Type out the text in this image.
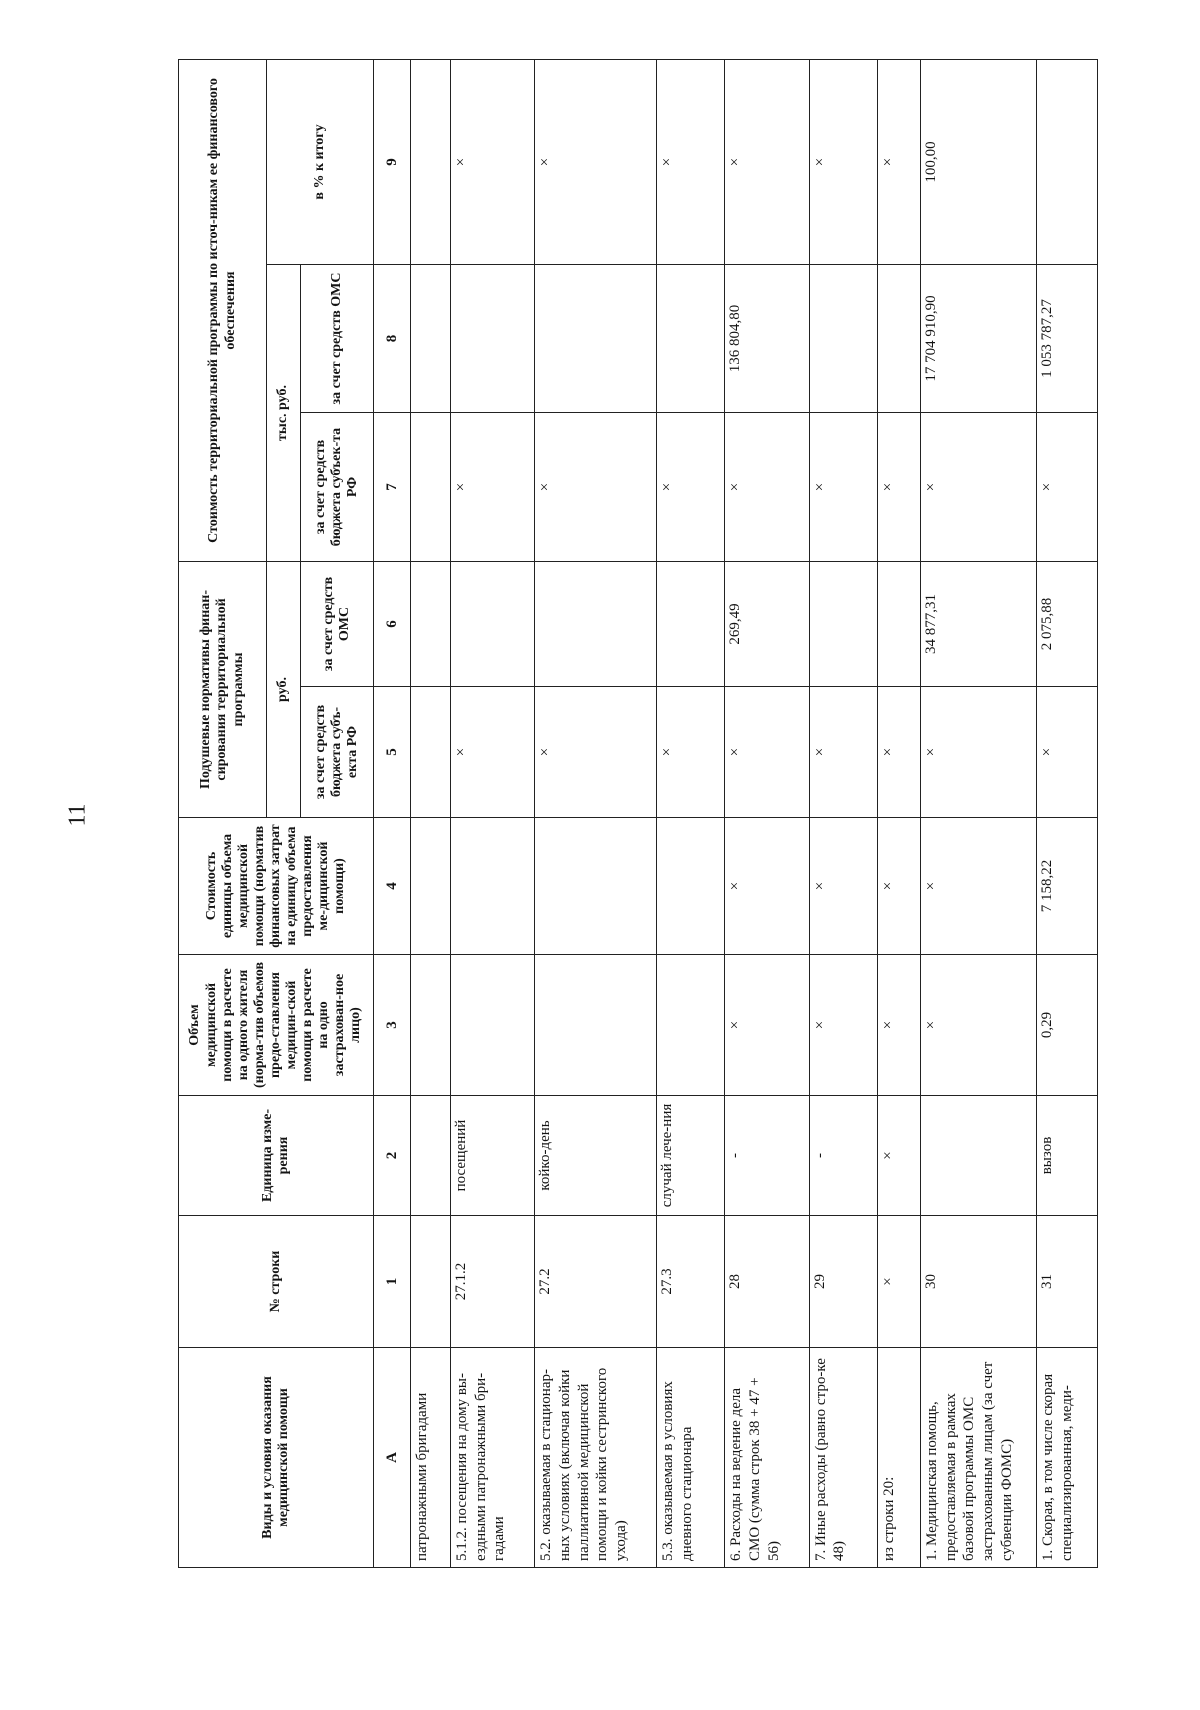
11
Виды и условия оказания медицинской помощи	№ строки	Единица изме-рения	Объем медицинской помощи в расчете на одного жителя (норма-тив объемов предо-ставления медицин-ской помощи в расчете на одно застрахован-ное лицо)	Стоимость единицы объема медицинской помощи (норматив финансовых затрат на единицу объема предоставления ме-дицинской помощи)	Подушевые нормативы финан-сирования территориальной программы		Стоимость территориальной программы по источ-никам ее финансового обеспечения		
					руб.		тыс. руб.		в % к итогу
					за счет средств бюджета субъ-екта РФ	за счет средств ОМС	за счет средств бюджета субъек-та РФ	за счет средств ОМС	
А	1	2	3	4	5	6	7	8	9
патронажными бригадами									
5.1.2. посещения на дому вы-ездными патронажными бри-гадами	27.1.2	посещений			×		×		×
5.2. оказываемая в стационар-ных условиях (включая койки паллиативной медицинской помощи и койки сестринского ухода)	27.2	койко-день			×		×		×
5.3. оказываемая в условиях дневного стационара	27.3	случай лече-ния			×		×		×
6. Расходы на ведение дела СМО (сумма строк 38 + 47 + 56)	28	-	×	×	×	269,49	×	136 804,80	×
7. Иные расходы (равно стро-ке 48)	29	-	×	×	×		×		×
из строки 20:	×	×	×	×	×		×		×
1. Медицинская помощь, предоставляемая в рамках базовой программы ОМС застрахованным лицам (за счет субвенции ФОМС)	30		×	×	×	34 877,31	×	17 704 910,90	100,00
1. Скорая, в том числе скорая специализированная, меди-	31	вызов	0,29	7 158,22	×	2 075,88	×	1 053 787,27	
